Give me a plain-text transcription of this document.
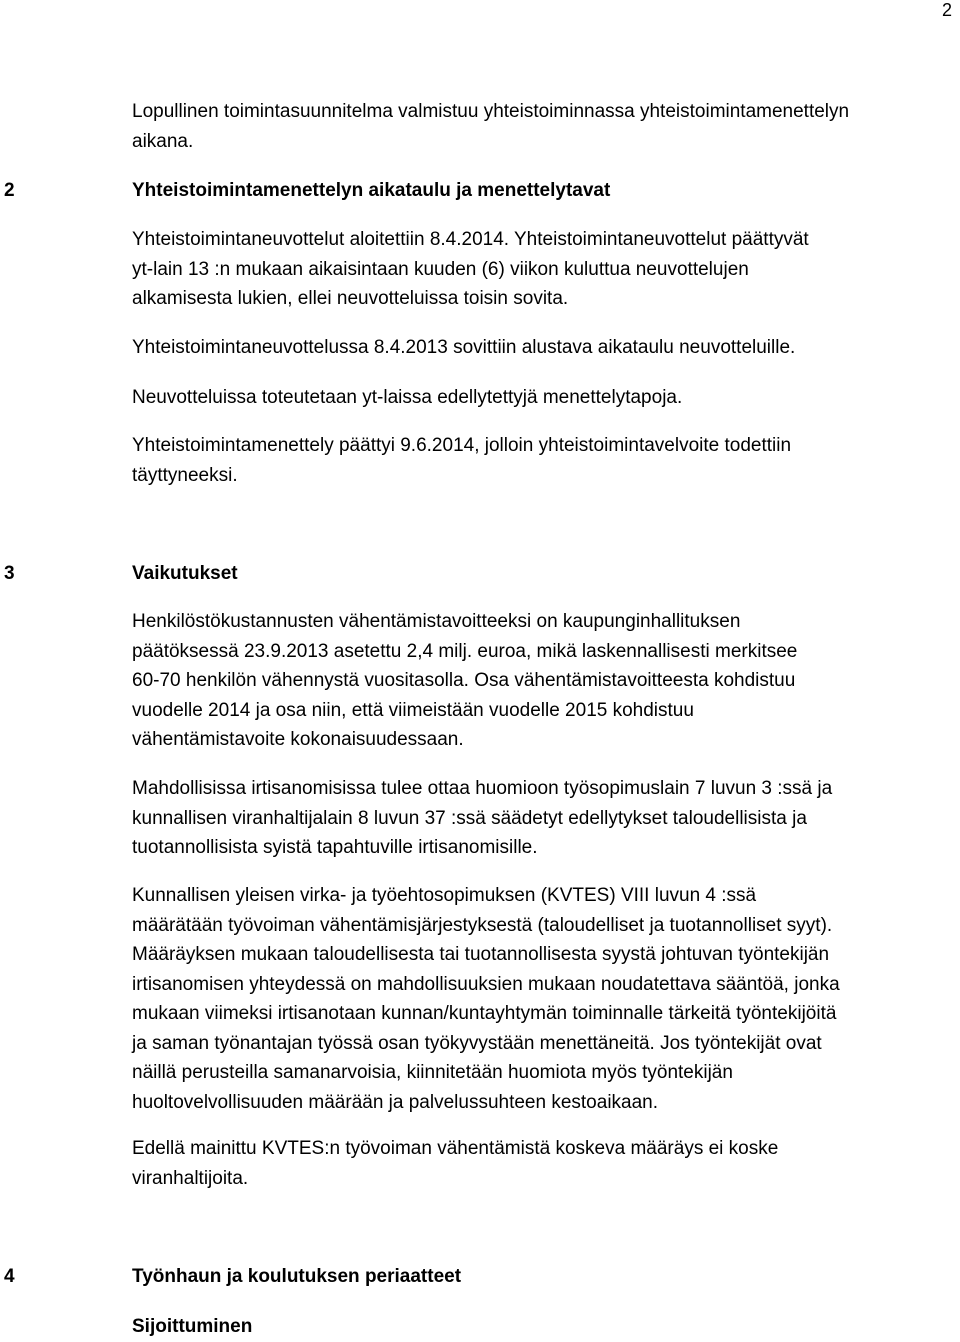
2
Lopullinen toimintasuunnitelma valmistuu yhteistoiminnassa yhteistoimintamenettelyn
aikana.
2	Yhteistoimintamenettelyn aikataulu ja menettelytavat
Yhteistoimintaneuvottelut aloitettiin 8.4.2014. Yhteistoimintaneuvottelut päättyvät
yt-lain 13 :n mukaan aikaisintaan kuuden (6) viikon kuluttua neuvottelujen
alkamisesta lukien, ellei neuvotteluissa toisin sovita.
Yhteistoimintaneuvottelussa 8.4.2013 sovittiin alustava aikataulu neuvotteluille.
Neuvotteluissa toteutetaan yt-laissa edellytettyjä menettelytapoja.
Yhteistoimintamenettely päättyi 9.6.2014, jolloin yhteistoimintavelvoite todettiin
täyttyneeksi.
3	Vaikutukset
Henkilöstökustannusten vähentämistavoitteeksi on kaupunginhallituksen
päätöksessä 23.9.2013 asetettu 2,4 milj. euroa, mikä laskennallisesti merkitsee
60-70 henkilön vähennystä vuositasolla. Osa vähentämistavoitteesta kohdistuu
vuodelle 2014 ja osa niin, että viimeistään vuodelle 2015 kohdistuu
vähentämistavoite kokonaisuudessaan.
Mahdollisissa irtisanomisissa tulee ottaa huomioon työsopimuslain 7 luvun 3 :ssä ja
kunnallisen viranhaltijalain 8 luvun 37 :ssä säädetyt edellytykset taloudellisista ja
tuotannollisista syistä tapahtuville irtisanomisille.
Kunnallisen yleisen virka- ja työehtosopimuksen (KVTES) VIII luvun 4 :ssä
määrätään työvoiman vähentämisjärjestyksestä (taloudelliset ja tuotannolliset syyt).
Määräyksen mukaan taloudellisesta tai tuotannollisesta syystä johtuvan työntekijän
irtisanomisen yhteydessä on mahdollisuuksien mukaan noudatettava sääntöä, jonka
mukaan viimeksi irtisanotaan kunnan/kuntayhtymän toiminnalle tärkeitä työntekijöitä
ja saman työnantajan työssä osan työkyvystään menettäneitä. Jos työntekijät ovat
näillä perusteilla samanarvoisia, kiinnitetään huomiota myös työntekijän
huoltovelvollisuuden määrään ja palvelussuhteen kestoaikaan.
Edellä mainittu KVTES:n työvoiman vähentämistä koskeva määräys ei koske
viranhaltijoita.
4	Työnhaun ja koulutuksen periaatteet
Sijoittuminen
